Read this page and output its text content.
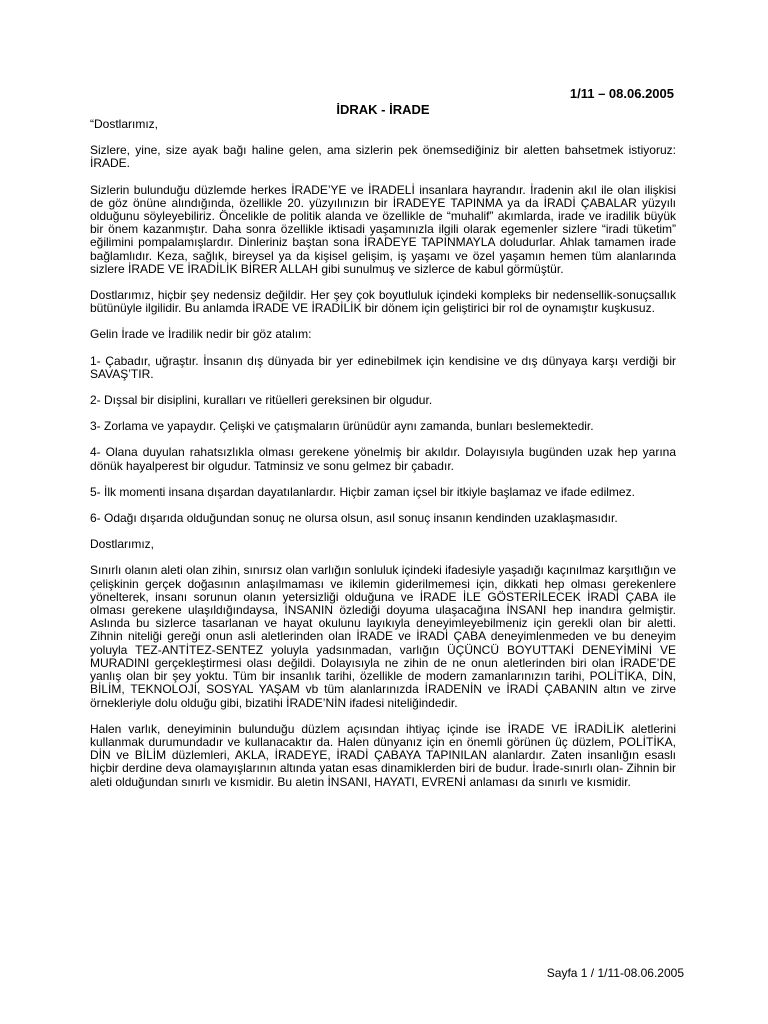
1/11 – 08.06.2005

İDRAK - İRADE

“Dostlarımız,

Sizlere, yine, size ayak bağı haline gelen, ama sizlerin pek önemsediğiniz bir aletten bahsetmek istiyoruz: İRADE.

Sizlerin bulunduğu düzlemde herkes İRADE’YE ve İRADELİ insanlara hayrandır. İradenin akıl ile olan ilişkisi de göz önüne alındığında, özellikle 20. yüzyılınızın bir İRADEYE TAPINMA ya da İRADİ ÇABALAR yüzyılı olduğunu söyleyebiliriz. Öncelikle de politik alanda ve özellikle de “muhalif” akımlarda, irade ve iradilik büyük bir önem kazanmıştır. Daha sonra özellikle iktisadi yaşamınızla ilgili olarak egemenler sizlere “iradi tüketim” eğilimini pompalamışlardır. Dinleriniz baştan sona İRADEYE TAPINMAYLA doludurlar. Ahlak tamamen irade bağlamlıdır. Keza, sağlık, bireysel ya da kişisel gelişim, iş yaşamı ve özel yaşamın hemen tüm alanlarında sizlere İRADE VE İRADİLİK BİRER ALLAH gibi sunulmuş ve sizlerce de kabul görmüştür.

Dostlarımız, hiçbir şey nedensiz değildir. Her şey çok boyutluluk içindeki kompleks bir nedensellik-sonuçsallık bütünüyle ilgilidir. Bu anlamda İRADE VE İRADİLİK bir dönem için geliştirici bir rol de oynamıştır kuşkusuz.

Gelin İrade ve İradilik nedir bir göz atalım:

1- Çabadır, uğraştır. İnsanın dış dünyada bir yer edinebilmek için kendisine ve dış dünyaya karşı verdiği bir SAVAŞ’TIR.

2- Dışsal bir disiplini, kuralları ve ritüelleri gereksinen bir olgudur.

3- Zorlama ve yapaydır. Çelişki ve çatışmaların ürünüdür aynı zamanda, bunları beslemektedir.

4- Olana duyulan rahatsızlıkla olması gerekene yönelmiş bir akıldır. Dolayısıyla bugünden uzak hep yarına dönük hayalperest bir olgudur. Tatminsiz ve sonu gelmez bir çabadır.

5- İlk momenti insana dışardan dayatılanlardır. Hiçbir zaman içsel bir itkiyle başlamaz ve ifade edilmez.

6- Odağı dışarıda olduğundan sonuç ne olursa olsun, asıl sonuç insanın kendinden uzaklaşmasıdır.

Dostlarımız,

Sınırlı olanın aleti olan zihin, sınırsız olan varlığın sonluluk içindeki ifadesiyle yaşadığı kaçınılmaz karşıtlığın ve çelişkinin gerçek doğasının anlaşılmaması ve ikilemin giderilmemesi için, dikkati hep olması gerekenlere yönelterek, insanı sorunun olanın yetersizliği olduğuna ve İRADE İLE GÖSTERİLECEK İRADİ ÇABA ile olması gerekene ulaşıldığındaysa, İNSANIN özlediği doyuma ulaşacağına İNSANI hep inandıra gelmiştir. Aslında bu sizlerce tasarlanan ve hayat okulunu layıkıyla deneyimleyebilmeniz için gerekli olan bir aletti. Zihnin niteliği gereği onun asli aletlerinden olan İRADE ve İRADİ ÇABA deneyimlenmeden ve bu deneyim yoluyla TEZ-ANTİTEZ-SENTEZ yoluyla yadsınmadan, varlığın ÜÇÜNCÜ BOYUTTAKİ DENEYİMİNİ VE MURADINI gerçekleştirmesi olası değildi. Dolayısıyla ne zihin de ne onun aletlerinden biri olan İRADE’DE yanlış olan bir şey yoktu. Tüm bir insanlık tarihi, özellikle de modern zamanlarınızın tarihi, POLİTİKA, DİN, BİLİM, TEKNOLOJİ, SOSYAL YAŞAM vb tüm alanlarınızda İRADENİN ve İRADİ ÇABANIN altın ve zirve örnekleriyle dolu olduğu gibi, bizatihi İRADE’NİN ifadesi niteliğindedir.

Halen varlık, deneyiminin bulunduğu düzlem açısından ihtiyaç içinde ise İRADE VE İRADİLİK aletlerini kullanmak durumundadır ve kullanacaktır da. Halen dünyanız için en önemli görünen üç düzlem, POLİTİKA, DİN ve BİLİM düzlemleri, AKLA, İRADEYE, İRADİ ÇABAYA TAPINILAN alanlardır. Zaten insanlığın esaslı hiçbir derdine deva olamayışlarının altında yatan esas dinamiklerden biri de budur. İrade-sınırlı olan- Zihnin bir aleti olduğundan sınırlı ve kısmidir. Bu aletin İNSANI, HAYATI, EVRENİ anlaması da sınırlı ve kısmidir.

Sayfa 1 / 1/11-08.06.2005
